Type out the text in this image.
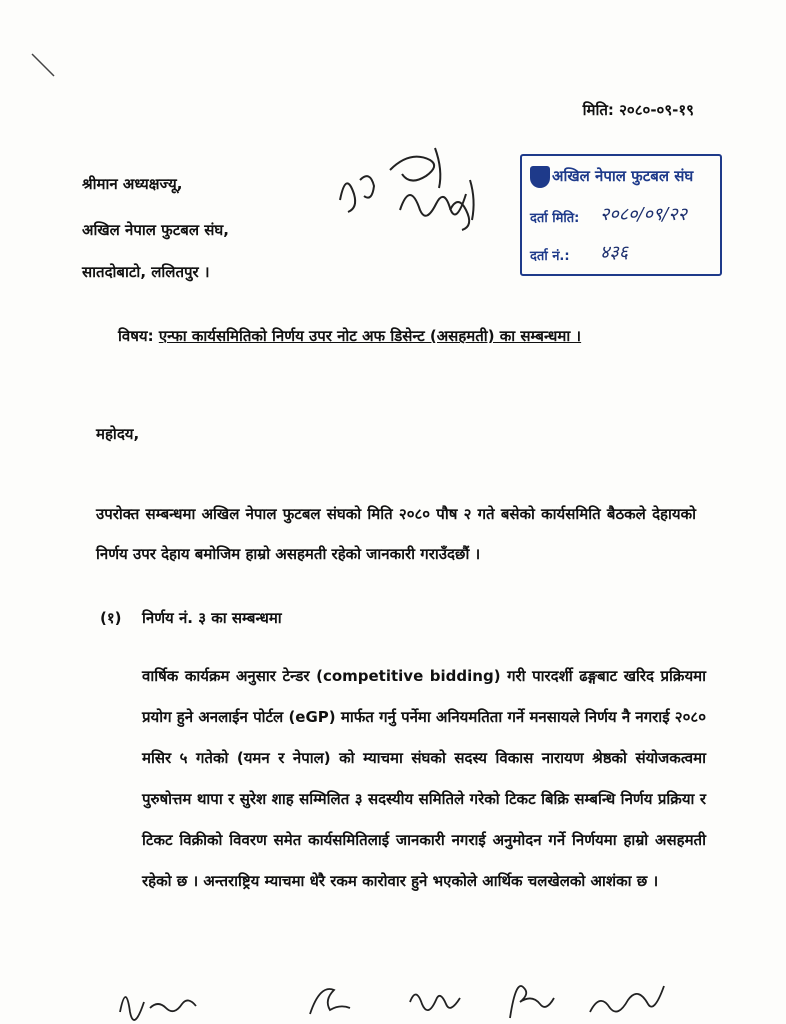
मिति: २०८०-०९-१९
श्रीमान अध्यक्षज्यू,
अखिल नेपाल फुटबल संघ,
सातदोबाटो, ललितपुर ।
अखिल नेपाल फुटबल संघ
दर्ता मिति: २०८०/०९/२२
दर्ता नं.: ४३६
विषय: एन्फा कार्यसमितिको निर्णय उपर नोट अफ डिसेन्ट (असहमती) का सम्बन्धमा ।
महोदय,
उपरोक्त सम्बन्धमा अखिल नेपाल फुटबल संघको मिति २०८० पौष २ गते बसेको कार्यसमिति बैठकले देहायको निर्णय उपर देहाय बमोजिम हाम्रो असहमती रहेको जानकारी गराउँदछौं ।
(१) निर्णय नं. ३ का सम्बन्धमा
वार्षिक कार्यक्रम अनुसार टेन्डर (competitive bidding) गरी पारदर्शी ढङ्गबाट खरिद प्रक्रियमा प्रयोग हुने अनलाईन पोर्टल (eGP) मार्फत गर्नु पर्नेमा अनियमतिता गर्ने मनसायले निर्णय नै नगराई २०८० मसिर ५ गतेको (यमन र नेपाल) को म्याचमा संघको सदस्य विकास नारायण श्रेष्ठको संयोजकत्वमा पुरुषोत्तम थापा र सुरेश शाह सम्मिलित ३ सदस्यीय समितिले गरेको टिकट बिक्रि सम्बन्धि निर्णय प्रक्रिया र टिकट विक्रीको विवरण समेत कार्यसमितिलाई जानकारी नगराई अनुमोदन गर्ने निर्णयमा हाम्रो असहमती रहेको छ । अन्तराष्ट्रिय म्याचमा धेरै रकम कारोवार हुने भएकोले आर्थिक चलखेलको आशंका छ ।
